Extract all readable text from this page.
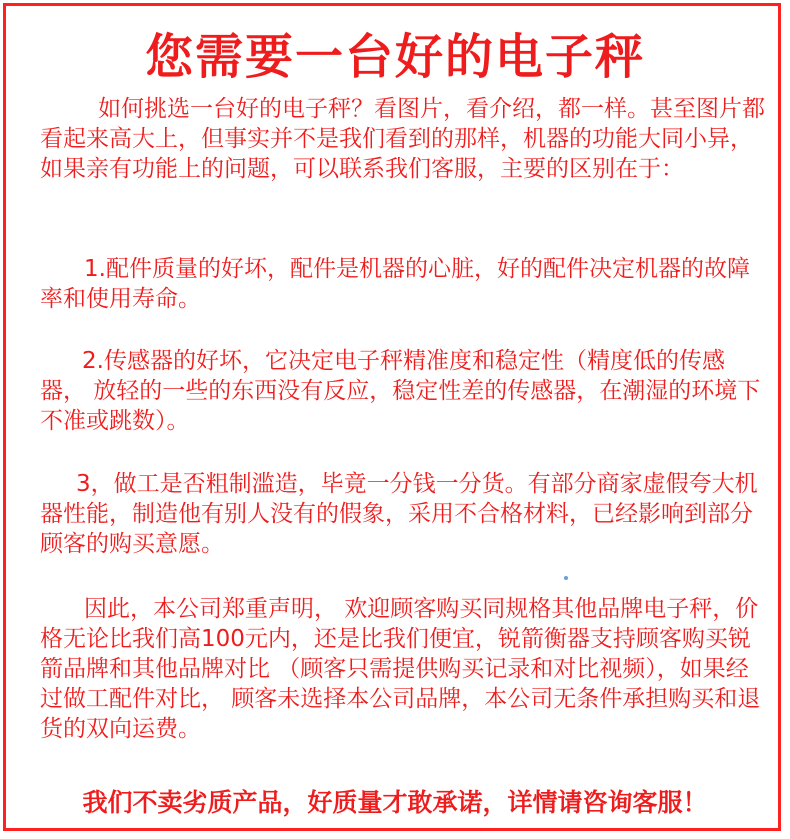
您需要一台好的电子秤

如何挑选一台好的电子秤？看图片，看介绍，都一样。甚至图片都看起来高大上，但事实并不是我们看到的那样，机器的功能大同小异，如果亲有功能上的问题，可以联系我们客服，主要的区别在于：

1.配件质量的好坏，配件是机器的心脏，好的配件决定机器的故障率和使用寿命。

2.传感器的好坏，它决定电子秤精准度和稳定性（精度低的传感器， 放轻的一些的东西没有反应，稳定性差的传感器，在潮湿的环境下不准或跳数）。

3，做工是否粗制滥造，毕竟一分钱一分货。有部分商家虚假夸大机器性能，制造他有别人没有的假象，采用不合格材料，已经影响到部分顾客的购买意愿。

因此，本公司郑重声明， 欢迎顾客购买同规格其他品牌电子秤，价格无论比我们高100元内，还是比我们便宜，锐箭衡器支持顾客购买锐箭品牌和其他品牌对比 （顾客只需提供购买记录和对比视频），如果经过做工配件对比， 顾客未选择本公司品牌，本公司无条件承担购买和退货的双向运费。

我们不卖劣质产品，好质量才敢承诺，详情请咨询客服！
